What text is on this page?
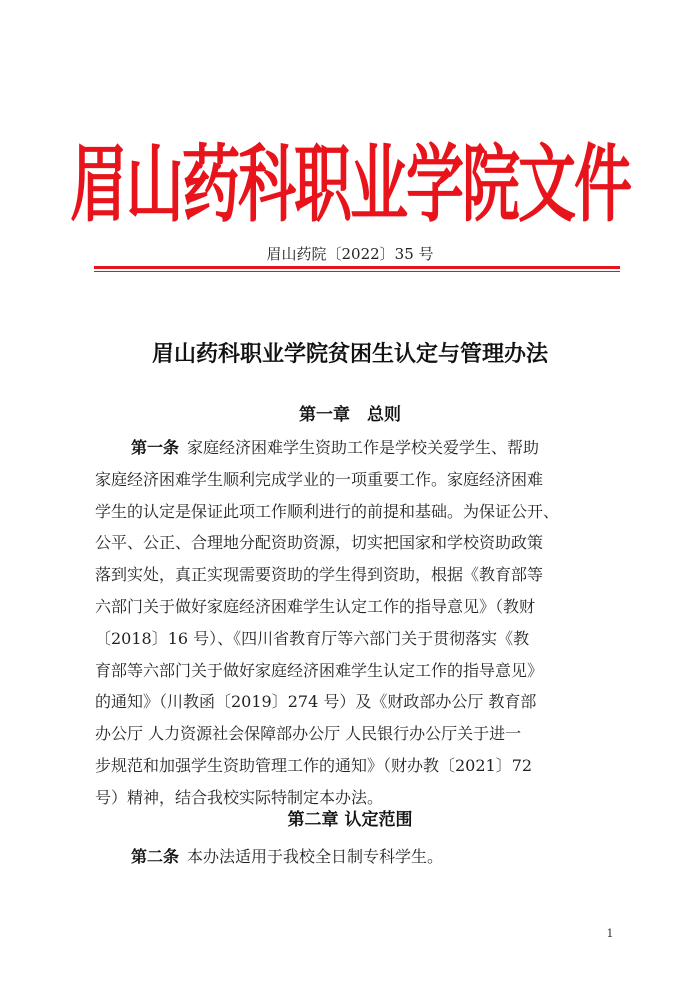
眉山药科职业学院文件
眉山药院〔2022〕35 号
眉山药科职业学院贫困生认定与管理办法
第一章　总则
第一条 家庭经济困难学生资助工作是学校关爱学生、帮助
家庭经济困难学生顺利完成学业的一项重要工作。家庭经济困难
学生的认定是保证此项工作顺利进行的前提和基础。为保证公开、
公平、公正、合理地分配资助资源，切实把国家和学校资助政策
落到实处，真正实现需要资助的学生得到资助，根据《教育部等
六部门关于做好家庭经济困难学生认定工作的指导意见》（教财
〔2018〕16 号）、《四川省教育厅等六部门关于贯彻落实《教
育部等六部门关于做好家庭经济困难学生认定工作的指导意见》
的通知》（川教函〔2019〕274 号）及《财政部办公厅 教育部
办公厅 人力资源社会保障部办公厅 人民银行办公厅关于进一
步规范和加强学生资助管理工作的通知》（财办教〔2021〕72
号）精神，结合我校实际特制定本办法。
第二章 认定范围
第二条 本办法适用于我校全日制专科学生。
1
